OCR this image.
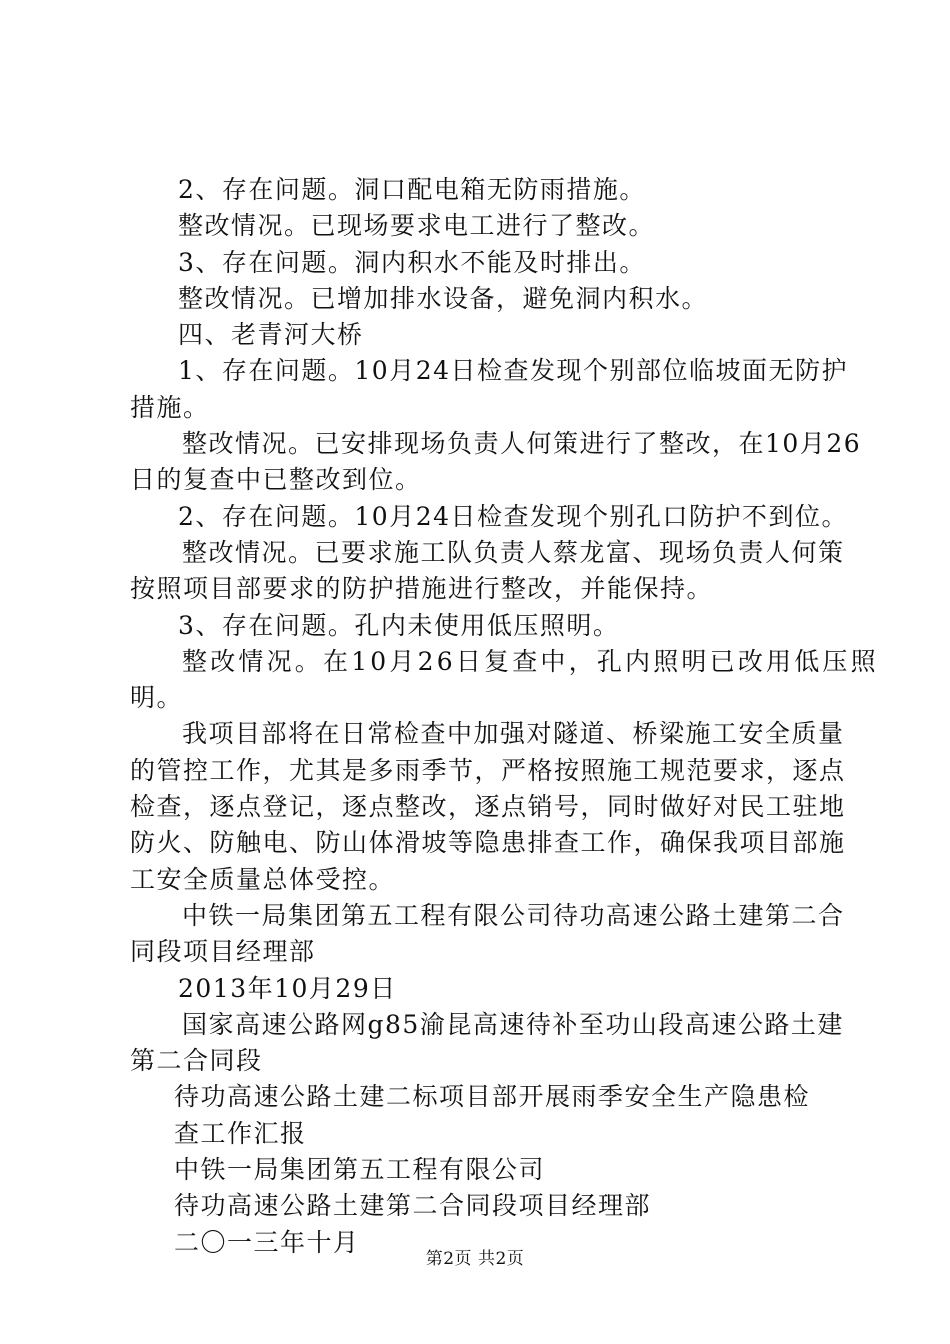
2、存在问题。洞口配电箱无防雨措施。
整改情况。已现场要求电工进行了整改。
3、存在问题。洞内积水不能及时排出。
整改情况。已增加排水设备，避免洞内积水。
四、老青河大桥
1、存在问题。10月24日检查发现个别部位临坡面无防护
措施。
整改情况。已安排现场负责人何策进行了整改，在10月26
日的复查中已整改到位。
2、存在问题。10月24日检查发现个别孔口防护不到位。
整改情况。已要求施工队负责人蔡龙富、现场负责人何策
按照项目部要求的防护措施进行整改，并能保持。
3、存在问题。孔内未使用低压照明。
整改情况。在10月26日复查中，孔内照明已改用低压照
明。
我项目部将在日常检查中加强对隧道、桥梁施工安全质量
的管控工作，尤其是多雨季节，严格按照施工规范要求，逐点
检查，逐点登记，逐点整改，逐点销号，同时做好对民工驻地
防火、防触电、防山体滑坡等隐患排查工作，确保我项目部施
工安全质量总体受控。
中铁一局集团第五工程有限公司待功高速公路土建第二合
同段项目经理部
2013年10月29日
国家高速公路网g85渝昆高速待补至功山段高速公路土建
第二合同段
待功高速公路土建二标项目部开展雨季安全生产隐患检
查工作汇报
中铁一局集团第五工程有限公司
待功高速公路土建第二合同段项目经理部
二〇一三年十月
第2页 共2页
